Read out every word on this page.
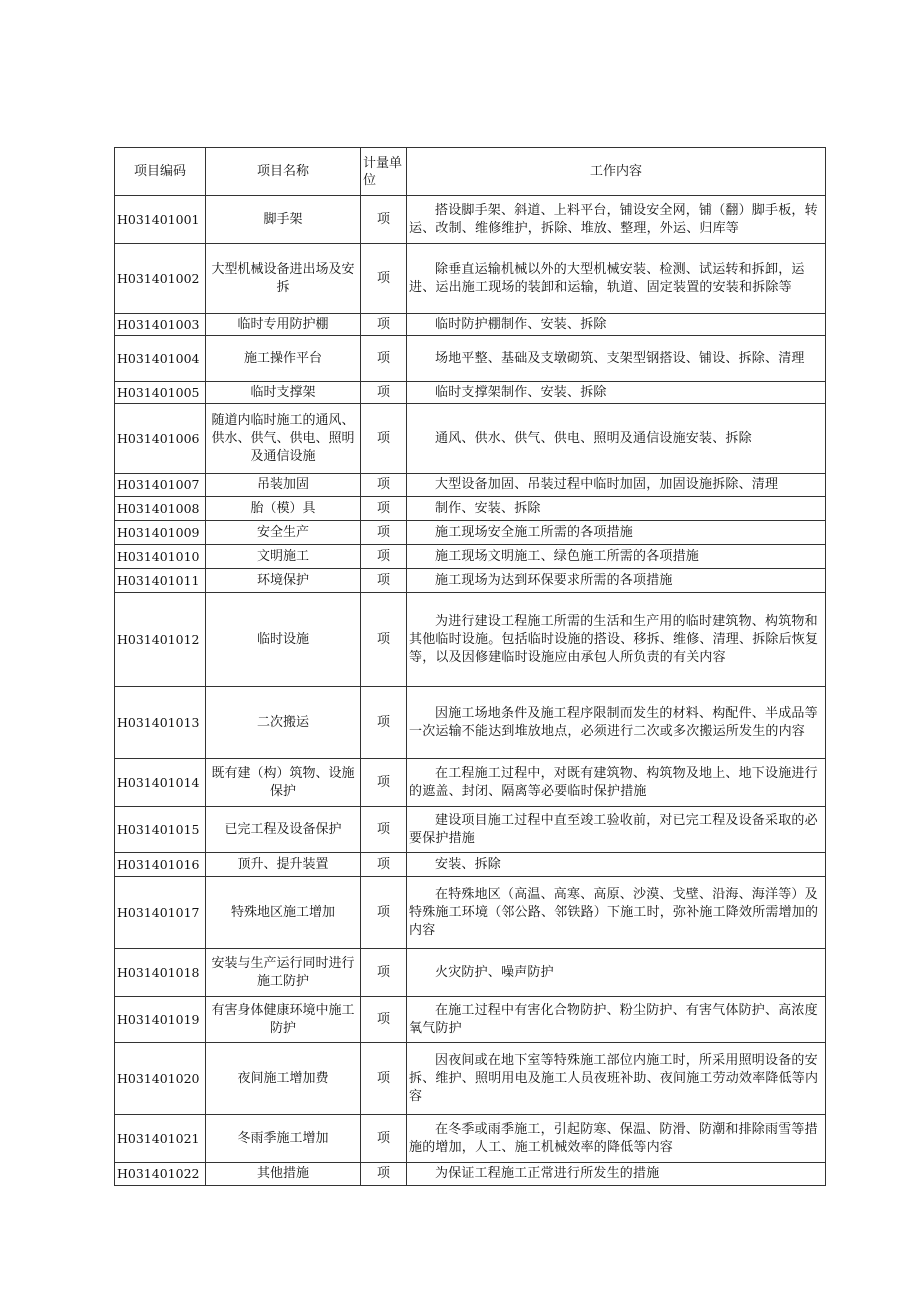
项目编码	项目名称	计量单位	工作内容
H031401001	脚手架	项	搭设脚手架、斜道、上料平台，铺设安全网，铺（翻）脚手板，转运、改制、维修维护，拆除、堆放、整理，外运、归库等
H031401002	大型机械设备进出场及安拆	项	除垂直运输机械以外的大型机械安装、检测、试运转和拆卸，运进、运出施工现场的装卸和运输，轨道、固定装置的安装和拆除等
H031401003	临时专用防护棚	项	临时防护棚制作、安装、拆除
H031401004	施工操作平台	项	场地平整、基础及支墩砌筑、支架型钢搭设、铺设、拆除、清理
H031401005	临时支撑架	项	临时支撑架制作、安装、拆除
H031401006	随道内临时施工的通风、供水、供气、供电、照明及通信设施	项	通风、供水、供气、供电、照明及通信设施安装、拆除
H031401007	吊装加固	项	大型设备加固、吊装过程中临时加固，加固设施拆除、清理
H031401008	胎（模）具	项	制作、安装、拆除
H031401009	安全生产	项	施工现场安全施工所需的各项措施
H031401010	文明施工	项	施工现场文明施工、绿色施工所需的各项措施
H031401011	环境保护	项	施工现场为达到环保要求所需的各项措施
H031401012	临时设施	项	为进行建设工程施工所需的生活和生产用的临时建筑物、构筑物和其他临时设施。包括临时设施的搭设、移拆、维修、清理、拆除后恢复等，以及因修建临时设施应由承包人所负责的有关内容
H031401013	二次搬运	项	因施工场地条件及施工程序限制而发生的材料、构配件、半成品等一次运输不能达到堆放地点，必须进行二次或多次搬运所发生的内容
H031401014	既有建（构）筑物、设施保护	项	在工程施工过程中，对既有建筑物、构筑物及地上、地下设施进行的遮盖、封闭、隔离等必要临时保护措施
H031401015	已完工程及设备保护	项	建设项目施工过程中直至竣工验收前，对已完工程及设备采取的必要保护措施
H031401016	顶升、提升装置	项	安装、拆除
H031401017	特殊地区施工增加	项	在特殊地区（高温、高寒、高原、沙漠、戈壁、沿海、海洋等）及特殊施工环境（邻公路、邻铁路）下施工时，弥补施工降效所需增加的内容
H031401018	安装与生产运行同时进行施工防护	项	火灾防护、噪声防护
H031401019	有害身体健康环境中施工防护	项	在施工过程中有害化合物防护、粉尘防护、有害气体防护、高浓度氧气防护
H031401020	夜间施工增加费	项	因夜间或在地下室等特殊施工部位内施工时，所采用照明设备的安拆、维护、照明用电及施工人员夜班补助、夜间施工劳动效率降低等内容
H031401021	冬雨季施工增加	项	在冬季或雨季施工，引起防寒、保温、防滑、防潮和排除雨雪等措施的增加，人工、施工机械效率的降低等内容
H031401022	其他措施	项	为保证工程施工正常进行所发生的措施
